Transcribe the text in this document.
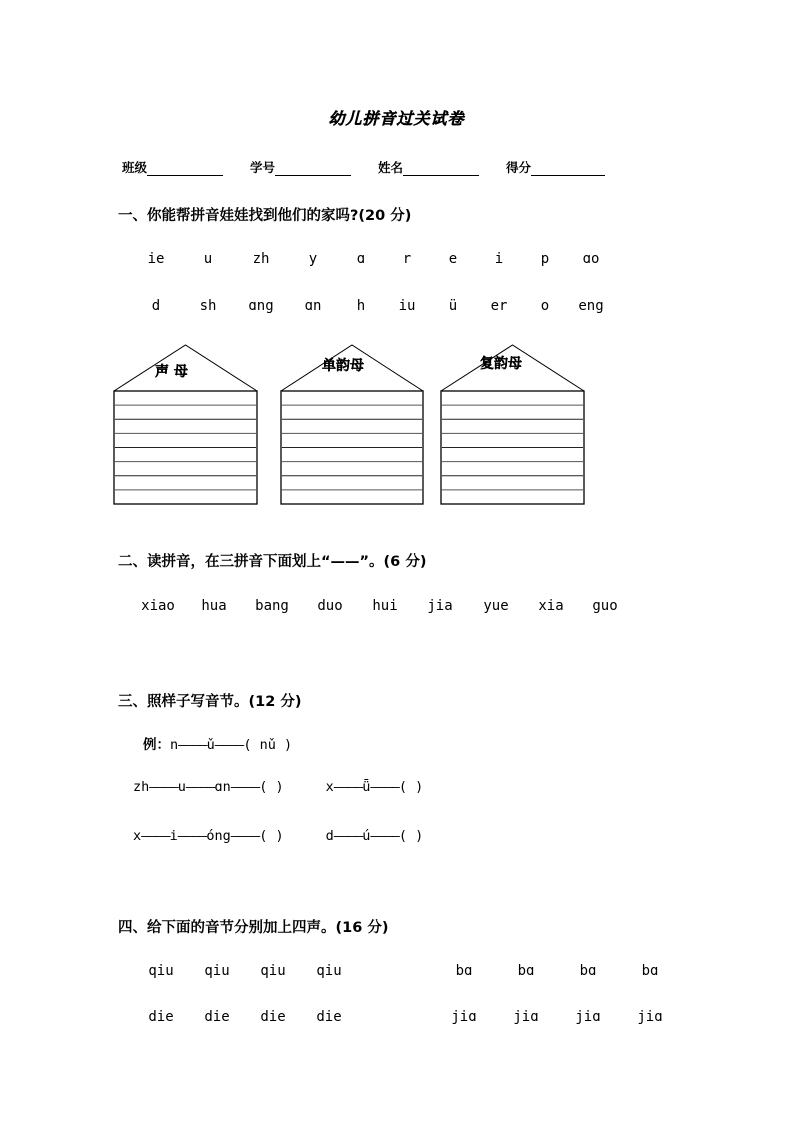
幼儿拼音过关试卷
班级	学号	姓名	得分
一、你能帮拼音娃娃找到他们的家吗?(20 分)
ie	u	zh	y	ɑ	r	e	i	p ɑo
d	sh ɑng ɑn	h iu ü er o eng
声 母	单韵母	复韵母
二、读拼音，在三拼音下面划上“——”。(6 分)
xiao hua bang duo hui jia yue xia guo
三、照样子写音节。(12 分)
例：n————ǔ————( nǔ )
zh————u————ɑn————( )	x————ǖ————( )
x————i————óng————( )	d————ú————( )
四、给下面的音节分别加上四声。(16 分)
qiu qiu qiu qiu	bɑ	bɑ	bɑ	bɑ
die die die die	jiɑ	jiɑ	jiɑ	jiɑ
